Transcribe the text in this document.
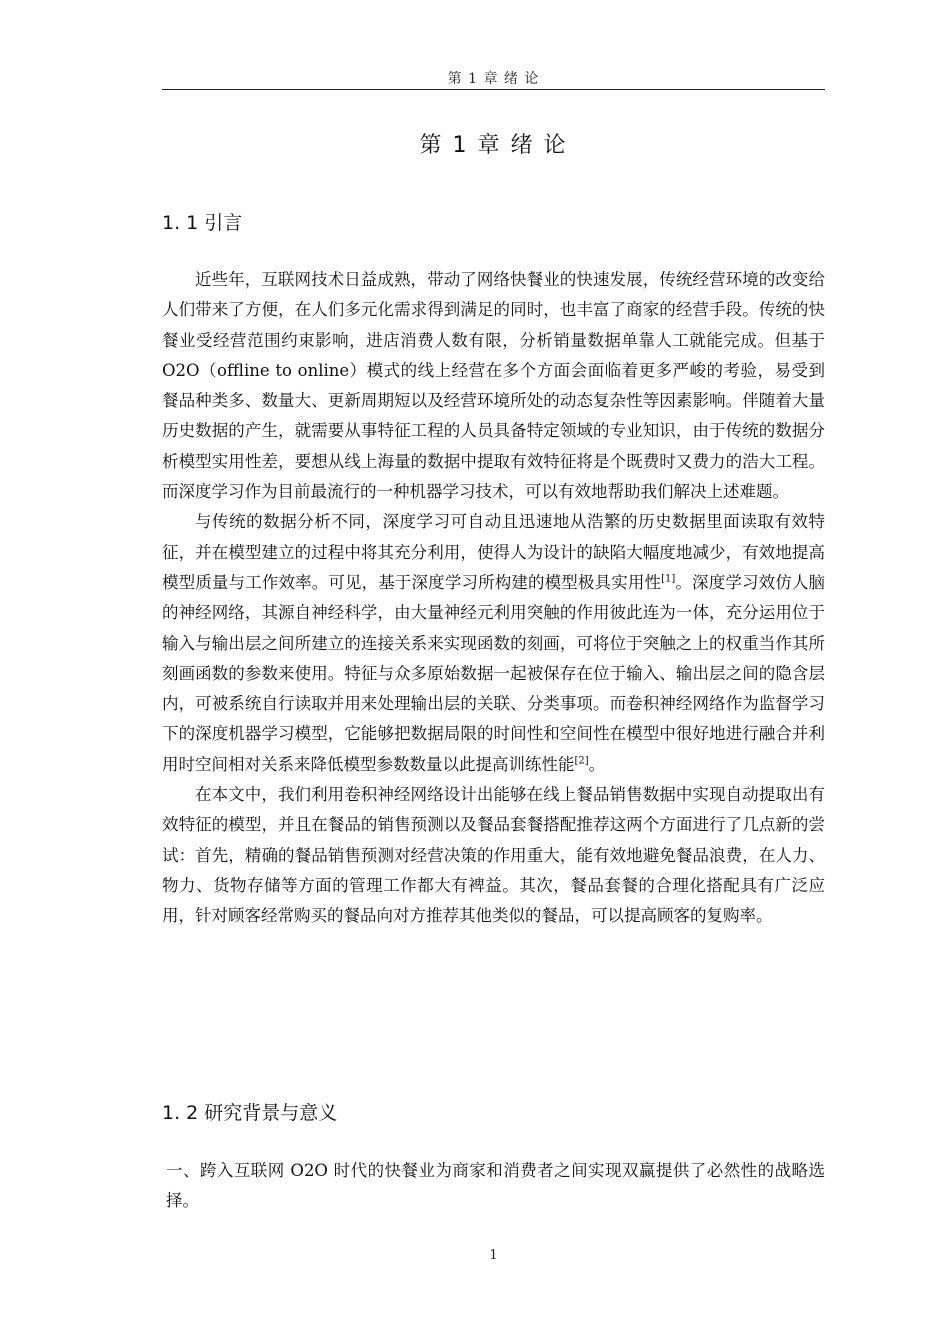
第 1 章 绪 论
第 1 章 绪 论
1. 1 引言

近些年，互联网技术日益成熟，带动了网络快餐业的快速发展，传统经营环境的改变给人们带来了方便，在人们多元化需求得到满足的同时，也丰富了商家的经营手段。传统的快餐业受经营范围约束影响，进店消费人数有限，分析销量数据单靠人工就能完成。但基于 O2O（offline to online）模式的线上经营在多个方面会面临着更多严峻的考验，易受到餐品种类多、数量大、更新周期短以及经营环境所处的动态复杂性等因素影响。伴随着大量历史数据的产生，就需要从事特征工程的人员具备特定领域的专业知识，由于传统的数据分析模型实用性差，要想从线上海量的数据中提取有效特征将是个既费时又费力的浩大工程。而深度学习作为目前最流行的一种机器学习技术，可以有效地帮助我们解决上述难题。

与传统的数据分析不同，深度学习可自动且迅速地从浩繁的历史数据里面读取有效特征，并在模型建立的过程中将其充分利用，使得人为设计的缺陷大幅度地减少，有效地提高模型质量与工作效率。可见，基于深度学习所构建的模型极具实用性[1]。深度学习效仿人脑的神经网络，其源自神经科学，由大量神经元利用突触的作用彼此连为一体，充分运用位于输入与输出层之间所建立的连接关系来实现函数的刻画，可将位于突触之上的权重当作其所刻画函数的参数来使用。特征与众多原始数据一起被保存在位于输入、输出层之间的隐含层内，可被系统自行读取并用来处理输出层的关联、分类事项。而卷积神经网络作为监督学习下的深度机器学习模型，它能够把数据局限的时间性和空间性在模型中很好地进行融合并利用时空间相对关系来降低模型参数数量以此提高训练性能[2]。

在本文中，我们利用卷积神经网络设计出能够在线上餐品销售数据中实现自动提取出有效特征的模型，并且在餐品的销售预测以及餐品套餐搭配推荐这两个方面进行了几点新的尝试：首先，精确的餐品销售预测对经营决策的作用重大，能有效地避免餐品浪费，在人力、物力、货物存储等方面的管理工作都大有裨益。其次，餐品套餐的合理化搭配具有广泛应用，针对顾客经常购买的餐品向对方推荐其他类似的餐品，可以提高顾客的复购率。

1. 2 研究背景与意义
一、跨入互联网 O2O 时代的快餐业为商家和消费者之间实现双赢提供了必然性的战略选择。
1
